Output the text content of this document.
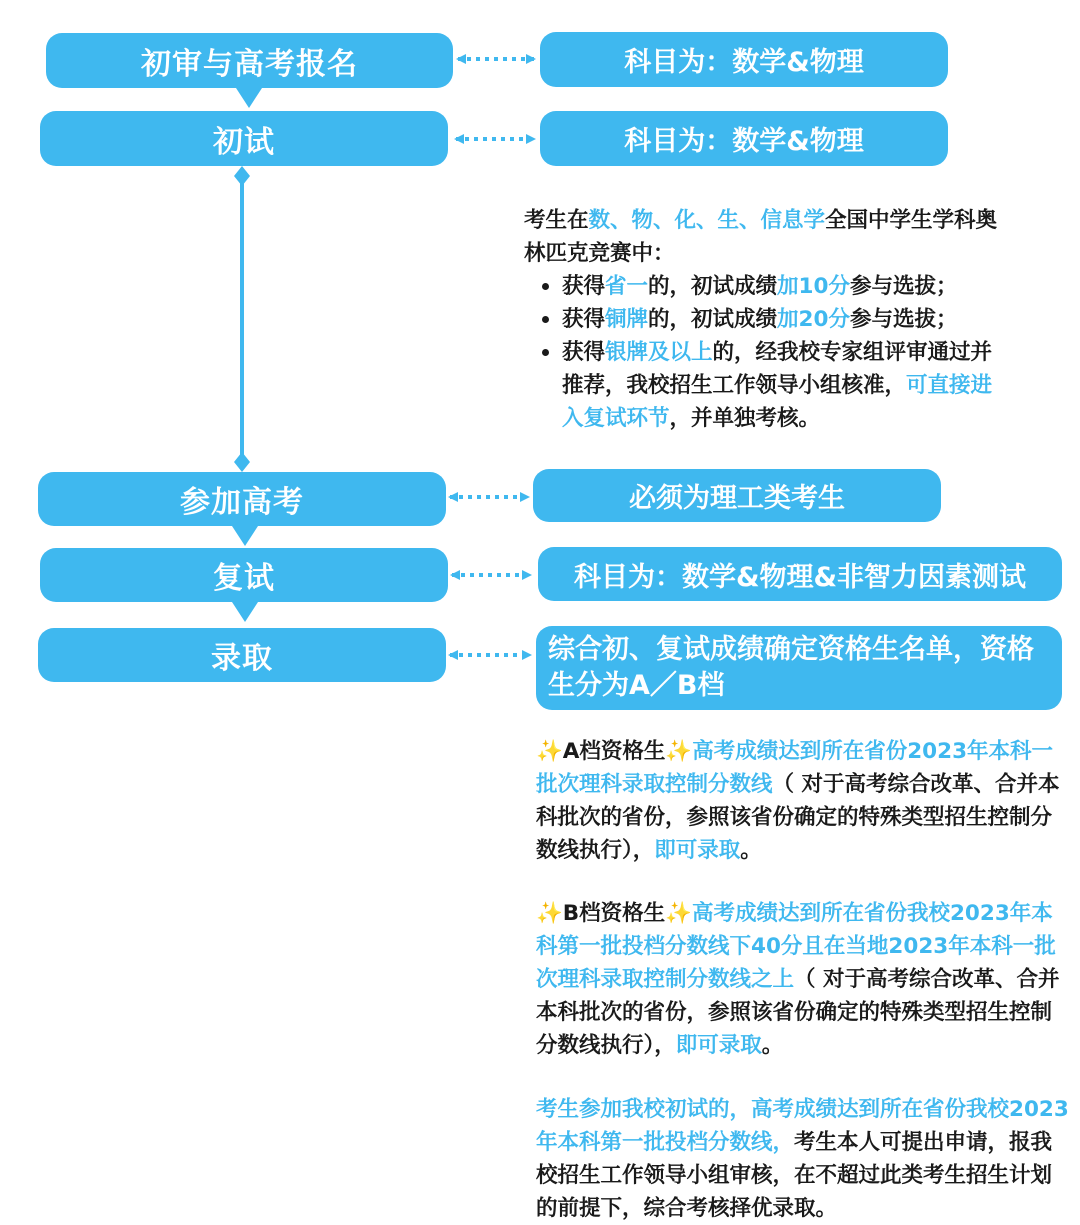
初审与高考报名
初试
参加高考
复试
录取
科目为：数学&物理
科目为：数学&物理
必须为理工类考生
科目为：数学&物理&非智力因素测试
综合初、复试成绩确定资格生名单，资格生分为A／B档
考生在数、物、化、生、信息学全国中学生学科奥林匹克竞赛中：
获得省一的，初试成绩加10分参与选拔；
获得铜牌的，初试成绩加20分参与选拔；
获得银牌及以上的，经我校专家组评审通过并推荐，我校招生工作领导小组核准，可直接进入复试环节，并单独考核。
✨A档资格生✨高考成绩达到所在省份2023年本科一批次理科录取控制分数线（ 对于高考综合改革、合并本科批次的省份，参照该省份确定的特殊类型招生控制分数线执行），即可录取。
✨B档资格生✨高考成绩达到所在省份我校2023年本科第一批投档分数线下40分且在当地2023年本科一批次理科录取控制分数线之上（ 对于高考综合改革、合并本科批次的省份，参照该省份确定的特殊类型招生控制分数线执行），即可录取。
考生参加我校初试的，高考成绩达到所在省份我校2023年本科第一批投档分数线，考生本人可提出申请，报我校招生工作领导小组审核，在不超过此类考生招生计划的前提下，综合考核择优录取。
